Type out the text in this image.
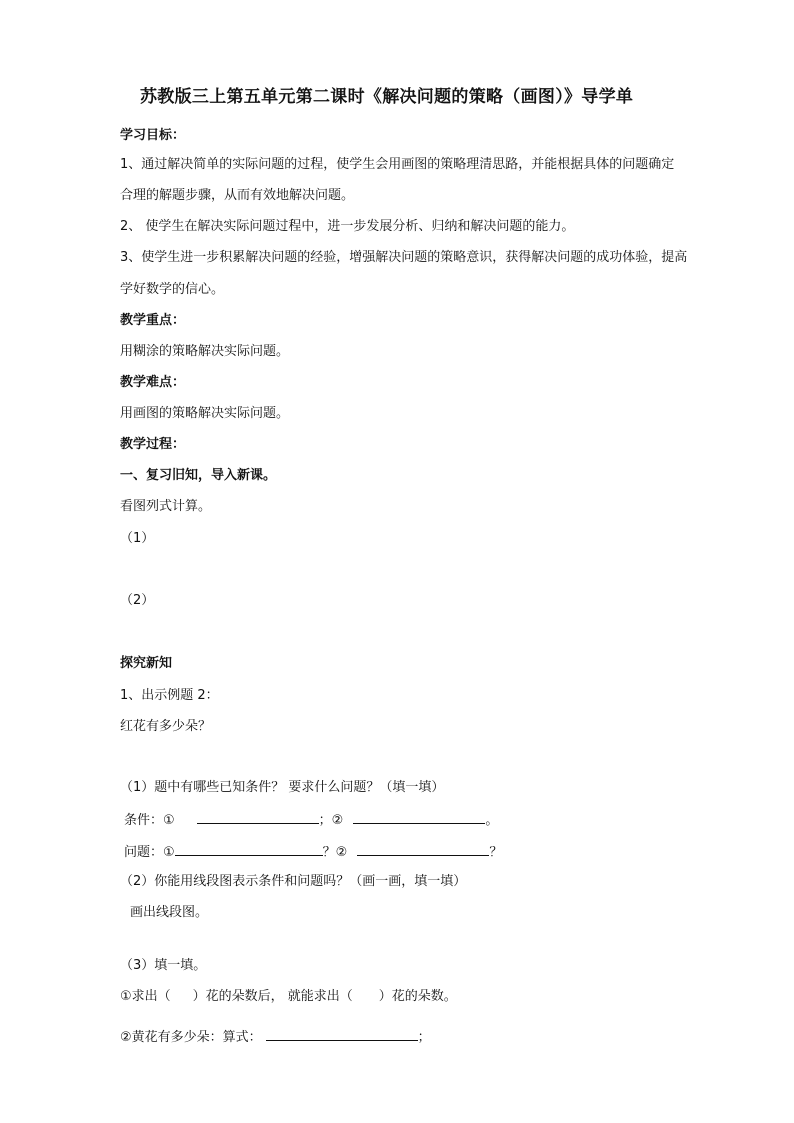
苏教版三上第五单元第二课时《解决问题的策略（画图）》导学单
学习目标：
1、通过解决简单的实际问题的过程，使学生会用画图的策略理清思路，并能根据具体的问题确定
合理的解题步骤，从而有效地解决问题。
2、 使学生在解决实际问题过程中，进一步发展分析、归纳和解决问题的能力。
3、使学生进一步积累解决问题的经验，增强解决问题的策略意识，获得解决问题的成功体验，提高
学好数学的信心。
教学重点：
用糊涂的策略解决实际问题。
教学难点：
用画图的策略解决实际问题。
教学过程：
一、复习旧知，导入新课。
看图列式计算。
（1）
（2）
探究新知
1、出示例题 2：
红花有多少朵？
（1）题中有哪些已知条件？ 要求什么问题？（填一填）
条件：①	；②	。
问题：①	？②	？
（2）你能用线段图表示条件和问题吗？（画一画，填一填）
画出线段图。
（3）填一填。
①求出（ ）花的朵数后， 就能求出（ ）花的朵数。
②黄花有多少朵：算式：	；
